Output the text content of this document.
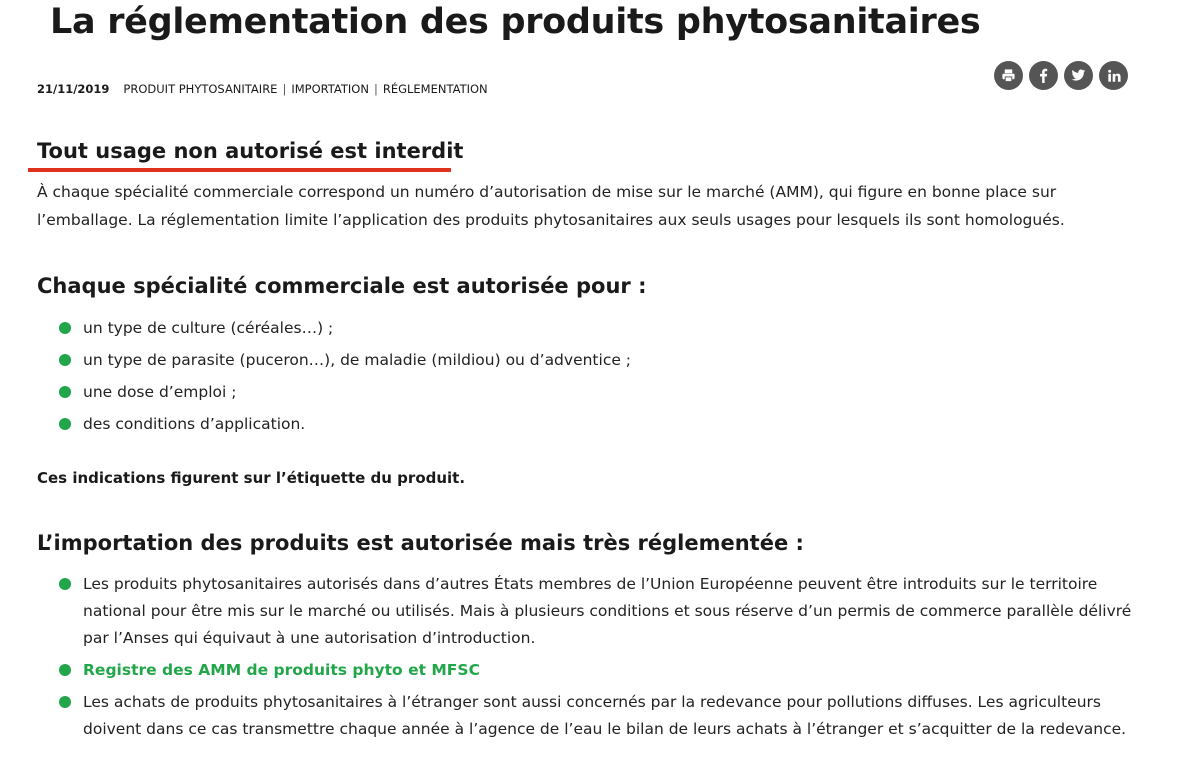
La réglementation des produits phytosanitaires
21/11/2019 PRODUIT PHYTOSANITAIRE | IMPORTATION | RÉGLEMENTATION
Tout usage non autorisé est interdit

À chaque spécialité commerciale correspond un numéro d’autorisation de mise sur le marché (AMM), qui figure en bonne place sur l’emballage. La réglementation limite l’application des produits phytosanitaires aux seuls usages pour lesquels ils sont homologués.

Chaque spécialité commerciale est autorisée pour :
un type de culture (céréales…) ;
un type de parasite (puceron…), de maladie (mildiou) ou d’adventice ;
une dose d’emploi ;
des conditions d’application.

Ces indications figurent sur l’étiquette du produit.

L’importation des produits est autorisée mais très réglementée :
Les produits phytosanitaires autorisés dans d’autres États membres de l’Union Européenne peuvent être introduits sur le territoire national pour être mis sur le marché ou utilisés. Mais à plusieurs conditions et sous réserve d’un permis de commerce parallèle délivré par l’Anses qui équivaut à une autorisation d’introduction.
Registre des AMM de produits phyto et MFSC
Les achats de produits phytosanitaires à l’étranger sont aussi concernés par la redevance pour pollutions diffuses. Les agriculteurs doivent dans ce cas transmettre chaque année à l’agence de l’eau le bilan de leurs achats à l’étranger et s’acquitter de la redevance.
